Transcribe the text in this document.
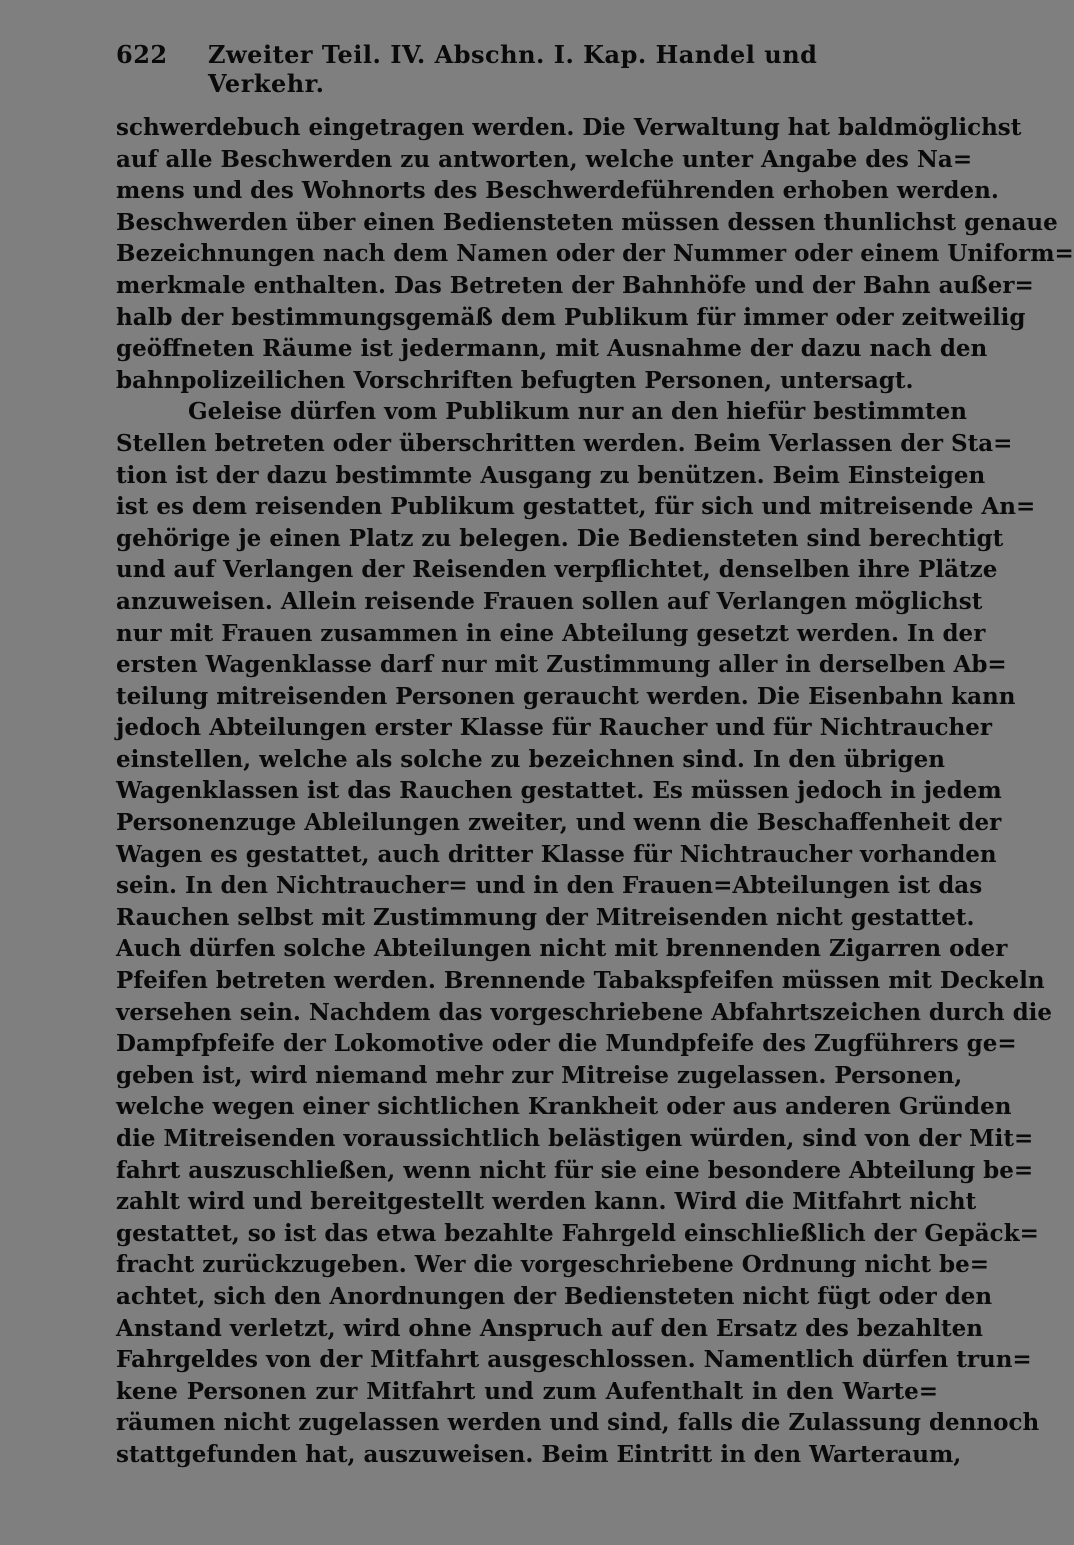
622 Zweiter Teil. IV. Abschn. I. Kap. Handel und Verkehr.
schwerdebuch eingetragen werden. Die Verwaltung hat baldmöglichst
auf alle Beschwerden zu antworten, welche unter Angabe des Na=
mens und des Wohnorts des Beschwerdeführenden erhoben werden.
Beschwerden über einen Bediensteten müssen dessen thunlichst genaue
Bezeichnungen nach dem Namen oder der Nummer oder einem Uniform=
merkmale enthalten. Das Betreten der Bahnhöfe und der Bahn außer=
halb der bestimmungsgemäß dem Publikum für immer oder zeitweilig
geöffneten Räume ist jedermann, mit Ausnahme der dazu nach den
bahnpolizeilichen Vorschriften befugten Personen, untersagt.
Geleise dürfen vom Publikum nur an den hiefür bestimmten
Stellen betreten oder überschritten werden. Beim Verlassen der Sta=
tion ist der dazu bestimmte Ausgang zu benützen. Beim Einsteigen
ist es dem reisenden Publikum gestattet, für sich und mitreisende An=
gehörige je einen Platz zu belegen. Die Bediensteten sind berechtigt
und auf Verlangen der Reisenden verpflichtet, denselben ihre Plätze
anzuweisen. Allein reisende Frauen sollen auf Verlangen möglichst
nur mit Frauen zusammen in eine Abteilung gesetzt werden. In der
ersten Wagenklasse darf nur mit Zustimmung aller in derselben Ab=
teilung mitreisenden Personen geraucht werden. Die Eisenbahn kann
jedoch Abteilungen erster Klasse für Raucher und für Nichtraucher
einstellen, welche als solche zu bezeichnen sind. In den übrigen
Wagenklassen ist das Rauchen gestattet. Es müssen jedoch in jedem
Personenzuge Ableilungen zweiter, und wenn die Beschaffenheit der
Wagen es gestattet, auch dritter Klasse für Nichtraucher vorhanden
sein. In den Nichtraucher= und in den Frauen=Abteilungen ist das
Rauchen selbst mit Zustimmung der Mitreisenden nicht gestattet.
Auch dürfen solche Abteilungen nicht mit brennenden Zigarren oder
Pfeifen betreten werden. Brennende Tabakspfeifen müssen mit Deckeln
versehen sein. Nachdem das vorgeschriebene Abfahrtszeichen durch die
Dampfpfeife der Lokomotive oder die Mundpfeife des Zugführers ge=
geben ist, wird niemand mehr zur Mitreise zugelassen. Personen,
welche wegen einer sichtlichen Krankheit oder aus anderen Gründen
die Mitreisenden voraussichtlich belästigen würden, sind von der Mit=
fahrt auszuschließen, wenn nicht für sie eine besondere Abteilung be=
zahlt wird und bereitgestellt werden kann. Wird die Mitfahrt nicht
gestattet, so ist das etwa bezahlte Fahrgeld einschließlich der Gepäck=
fracht zurückzugeben. Wer die vorgeschriebene Ordnung nicht be=
achtet, sich den Anordnungen der Bediensteten nicht fügt oder den
Anstand verletzt, wird ohne Anspruch auf den Ersatz des bezahlten
Fahrgeldes von der Mitfahrt ausgeschlossen. Namentlich dürfen trun=
kene Personen zur Mitfahrt und zum Aufenthalt in den Warte=
räumen nicht zugelassen werden und sind, falls die Zulassung dennoch
stattgefunden hat, auszuweisen. Beim Eintritt in den Warteraum,
